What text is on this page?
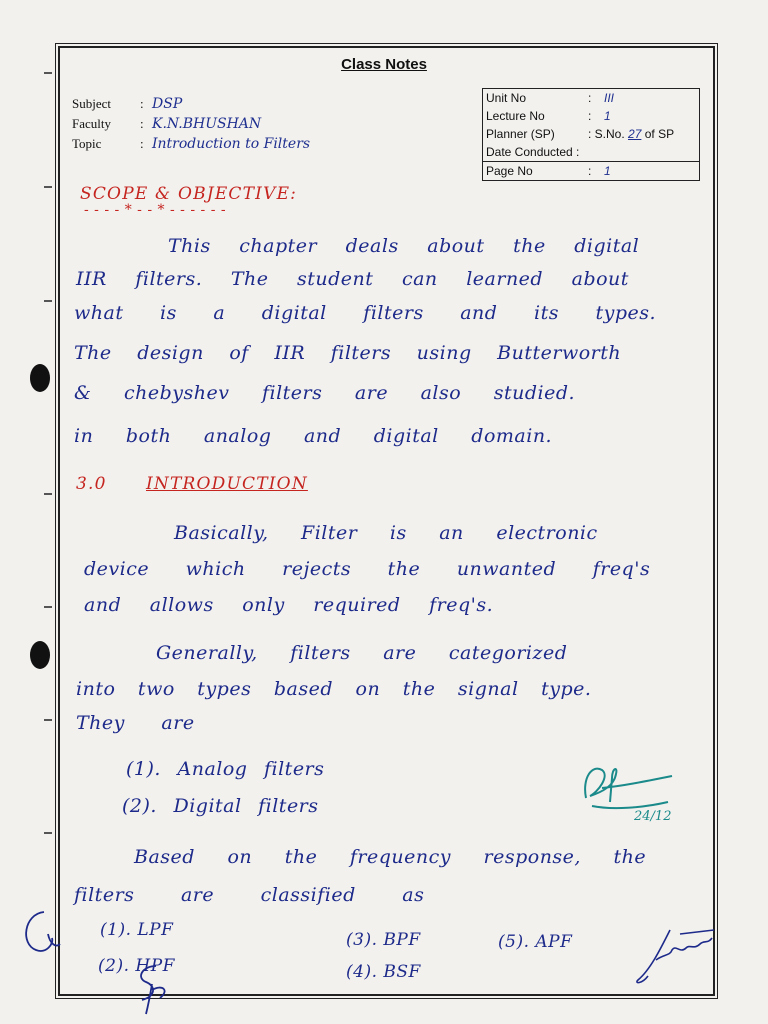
Class Notes
Subject	: DSP
Faculty	: K.N.BHUSHAN
Topic	: Introduction to Filters
Unit No	:	III
Lecture No	:	1
Planner (SP)	: S.No. 27 of SP	
Date Conducted :		
Page No	:	1
SCOPE & OBJECTIVE:
- - - - * - - * - - - - - -
This chapter deals about the digital
IIR filters. The student can learned about
what is a digital filters and its types.
The design of IIR filters using Butterworth
& chebyshev filters are also studied.
in both analog and digital domain.
3.0 INTRODUCTION
Basically, Filter is an electronic
device which rejects the unwanted freq's
and allows only required freq's.
Generally, filters are categorized
into two types based on the signal type.
They are
(1). Analog filters
(2). Digital filters
Based on the frequency response, the
filters are classified as
(1). LPF
(2). HPF
(3). BPF
(4). BSF
(5). APF
24/12
